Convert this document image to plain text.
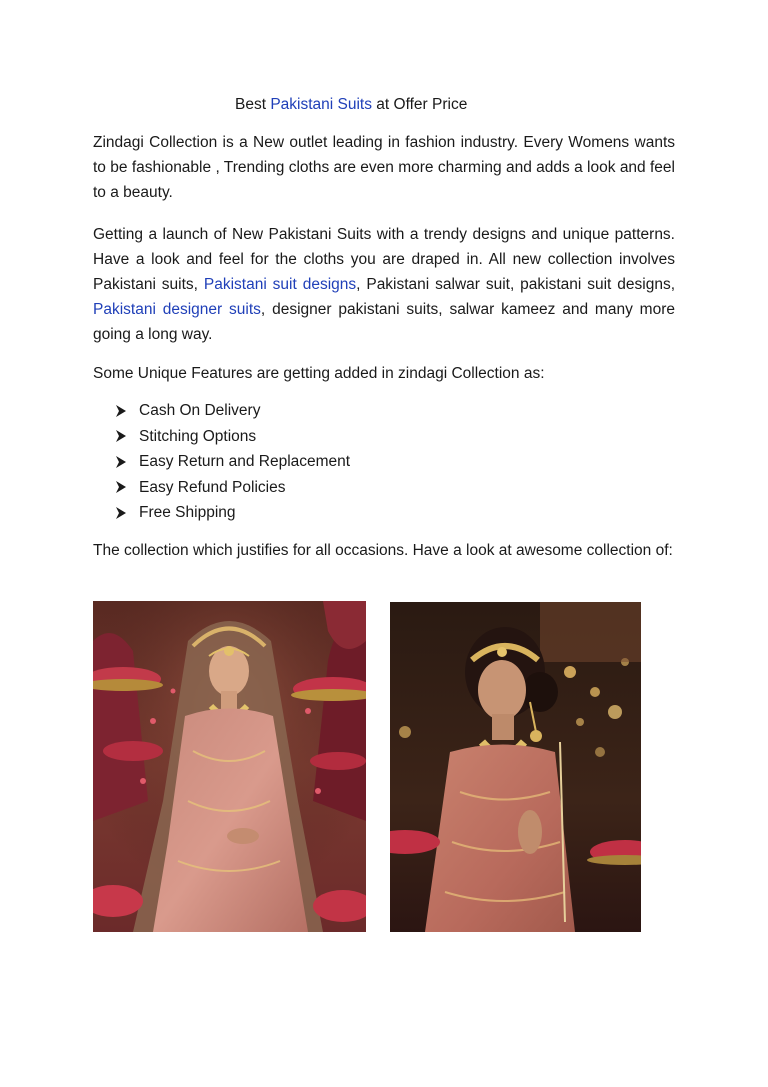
Best Pakistani Suits at Offer Price
Zindagi Collection is a New outlet leading in fashion industry. Every Womens wants to be fashionable , Trending cloths are even more charming and adds a look and feel to a beauty.
Getting a launch of New Pakistani Suits with a trendy designs and unique patterns. Have a look and feel for the cloths you are draped in. All new collection involves Pakistani suits, Pakistani suit designs, Pakistani salwar suit, pakistani suit designs, Pakistani designer suits, designer pakistani suits, salwar kameez and many more going a long way.
Some Unique Features are getting added in zindagi Collection as:
Cash On Delivery
Stitching Options
Easy Return and Replacement
Easy Refund Policies
Free Shipping
The collection which justifies for all occasions. Have a look at awesome collection of:
